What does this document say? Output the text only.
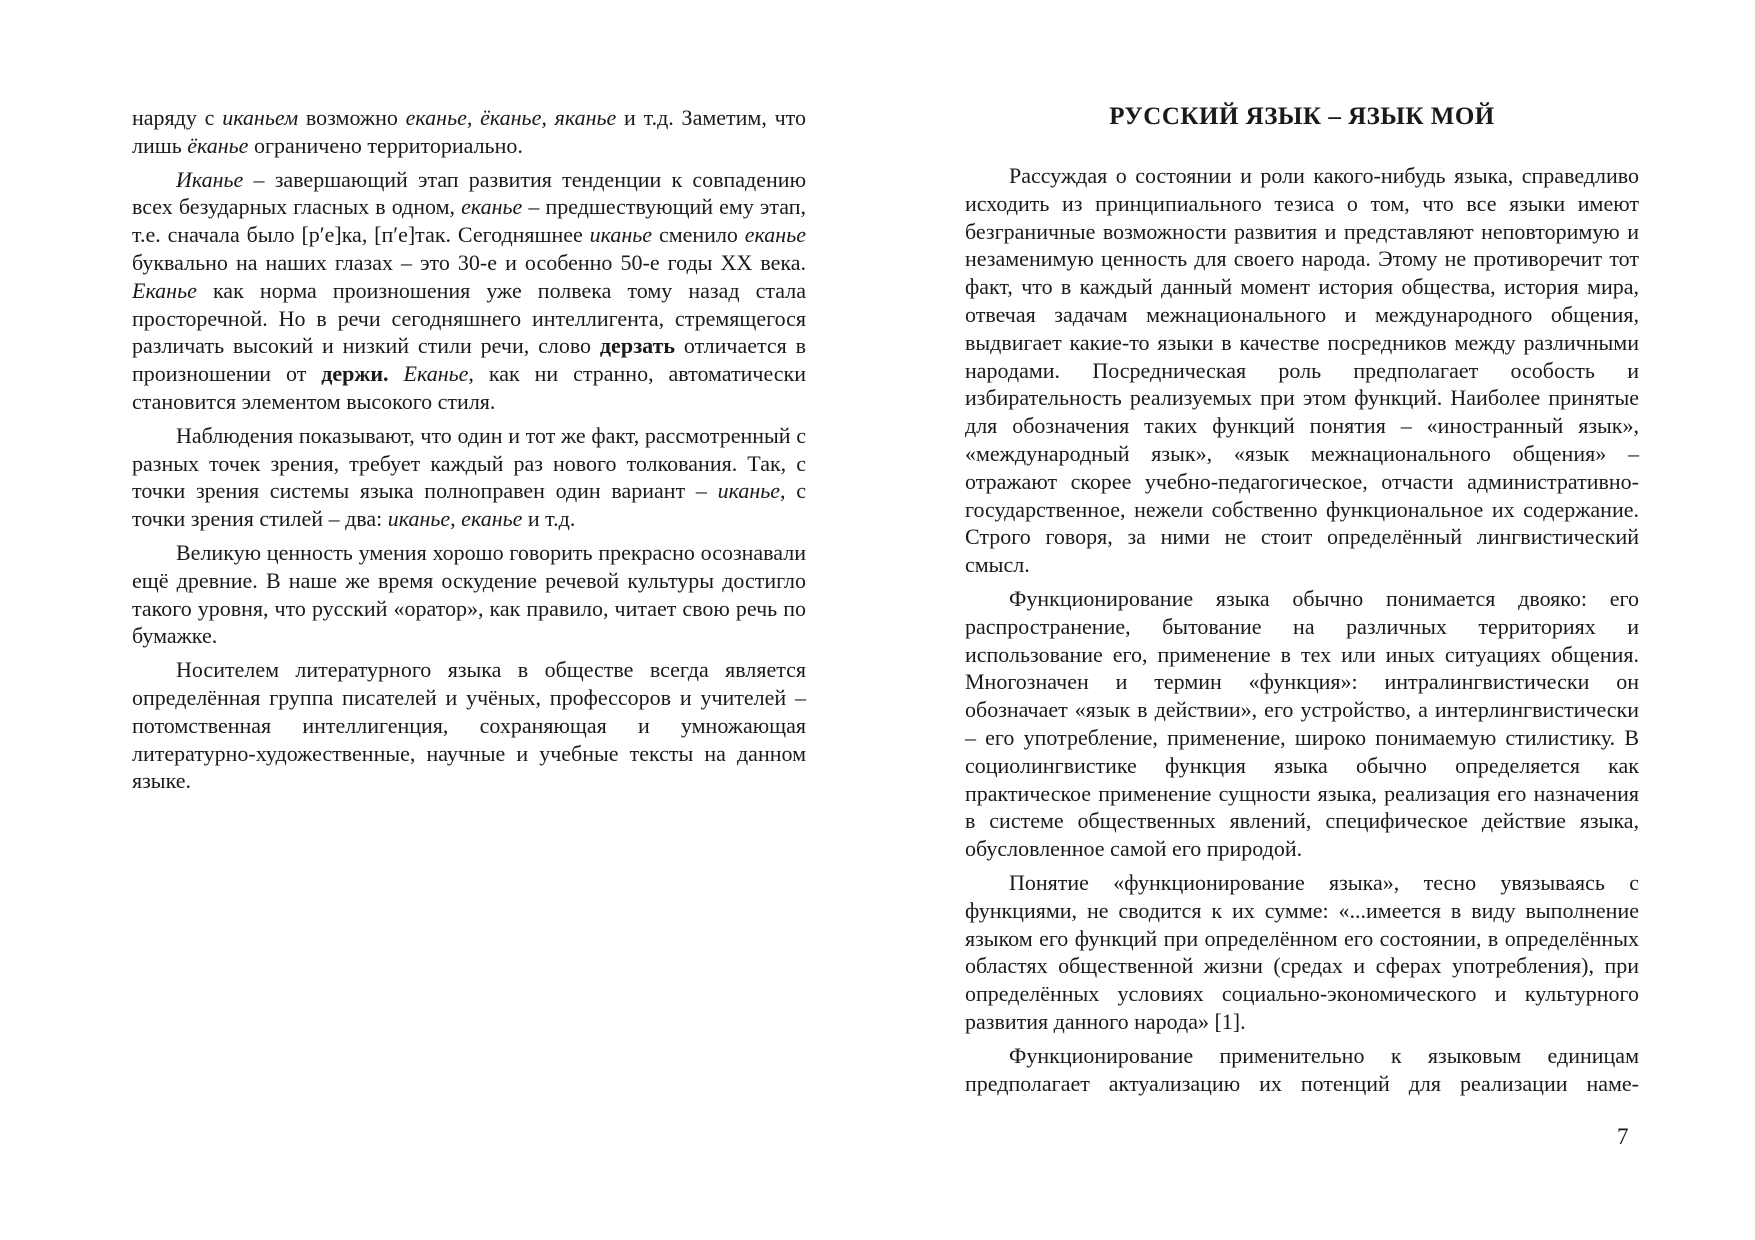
наряду с иканьем возможно еканье, ёканье, яканье и т.д. Заметим, что лишь ёканье ограничено территориально.

Иканье – завершающий этап развития тенденции к совпадению всех безударных гласных в одном, еканье – предшествующий ему этап, т.е. сначала было [р′е]ка, [п′е]так. Сегодняшнее иканье сменило еканье буквально на наших глазах – это 30-е и особенно 50-е годы XX века. Еканье как норма произношения уже полвека тому назад стала просторечной. Но в речи сегодняшнего интеллигента, стремящегося различать высокий и низкий стили речи, слово дерзать отличается в произношении от держи. Еканье, как ни странно, автоматически становится элементом высокого стиля.

Наблюдения показывают, что один и тот же факт, рассмотренный с разных точек зрения, требует каждый раз нового толкования. Так, с точки зрения системы языка полноправен один вариант – иканье, с точки зрения стилей – два: иканье, еканье и т.д.

Великую ценность умения хорошо говорить прекрасно осознавали ещё древние. В наше же время оскудение речевой культуры достигло такого уровня, что русский «оратор», как правило, читает свою речь по бумажке.

Носителем литературного языка в обществе всегда является определённая группа писателей и учёных, профессоров и учителей – потомственная интеллигенция, сохраняющая и умножающая литературно-художественные, научные и учебные тексты на данном языке.

РУССКИЙ ЯЗЫК – ЯЗЫК МОЙ

Рассуждая о состоянии и роли какого-нибудь языка, справедливо исходить из принципиального тезиса о том, что все языки имеют безграничные возможности развития и представляют неповторимую и незаменимую ценность для своего народа. Этому не противоречит тот факт, что в каждый данный момент история общества, история мира, отвечая задачам межнационального и международного общения, выдвигает какие-то языки в качестве посредников между различными народами. Посредническая роль предполагает особость и избирательность реализуемых при этом функций. Наиболее принятые для обозначения таких функций понятия – «иностранный язык», «международный язык», «язык межнационального общения» – отражают скорее учебно-педагогическое, отчасти административно-государственное, нежели собственно функциональное их содержание. Строго говоря, за ними не стоит определённый лингвистический смысл.

Функционирование языка обычно понимается двояко: его распространение, бытование на различных территориях и использование его, применение в тех или иных ситуациях общения. Многозначен и термин «функция»: интралингвистически он обозначает «язык в действии», его устройство, а интерлингвистически – его употребление, применение, широко понимаемую стилистику. В социолингвистике функция языка обычно определяется как практическое применение сущности языка, реализация его назначения в системе общественных явлений, специфическое действие языка, обусловленное самой его природой.

Понятие «функционирование языка», тесно увязываясь с функциями, не сводится к их сумме: «...имеется в виду выполнение языком его функций при определённом его состоянии, в определённых областях общественной жизни (средах и сферах употребления), при определённых условиях социально-экономического и культурного развития данного народа» [1].

Функционирование применительно к языковым единицам предполагает актуализацию их потенций для реализации наме-

7
